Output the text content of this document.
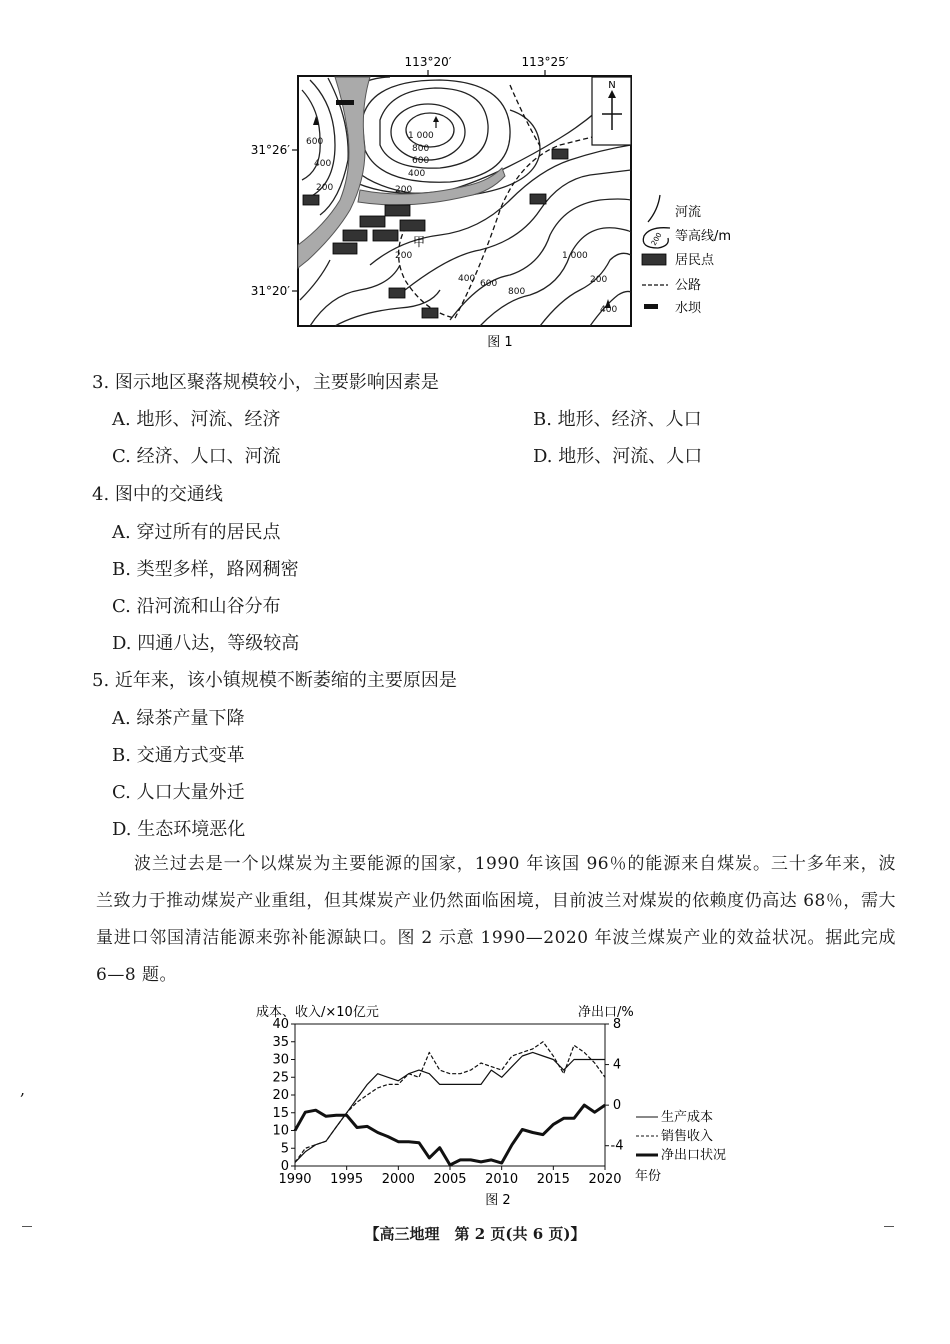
N
113°20′	113°25′
31°26′
31°20′
1 000
800
600
400
200
600
400
200
200
400 600
800
1 000
200
400
甲
河流
200 等高线/m
居民点
公路
水坝
图 1
3. 图示地区聚落规模较小，主要影响因素是
A. 地形、河流、经济	B. 地形、经济、人口
C. 经济、人口、河流	D. 地形、河流、人口
4. 图中的交通线
A. 穿过所有的居民点
B. 类型多样，路网稠密
C. 沿河流和山谷分布
D. 四通八达，等级较高
5. 近年来，该小镇规模不断萎缩的主要原因是
A. 绿茶产量下降
B. 交通方式变革
C. 人口大量外迁
D. 生态环境恶化

波兰过去是一个以煤炭为主要能源的国家，1990 年该国 96％的能源来自煤炭。三十多年来，波兰致力于推动煤炭产业重组，但其煤炭产业仍然面临困境，目前波兰对煤炭的依赖度仍高达 68％，需大量进口邻国清洁能源来弥补能源缺口。图 2 示意 1990—2020 年波兰煤炭产业的效益状况。据此完成 6—8 题。

成本、收入/×10亿元	净出口/%
0
5
10
15
20
25
30
35
40	8
4
0
-4
1990 1995 2000 2005 2010 2015 2020 年份
生产成本
销售收入
净出口状况
图 2
【高三地理　第 2 页(共 6 页)】
,
